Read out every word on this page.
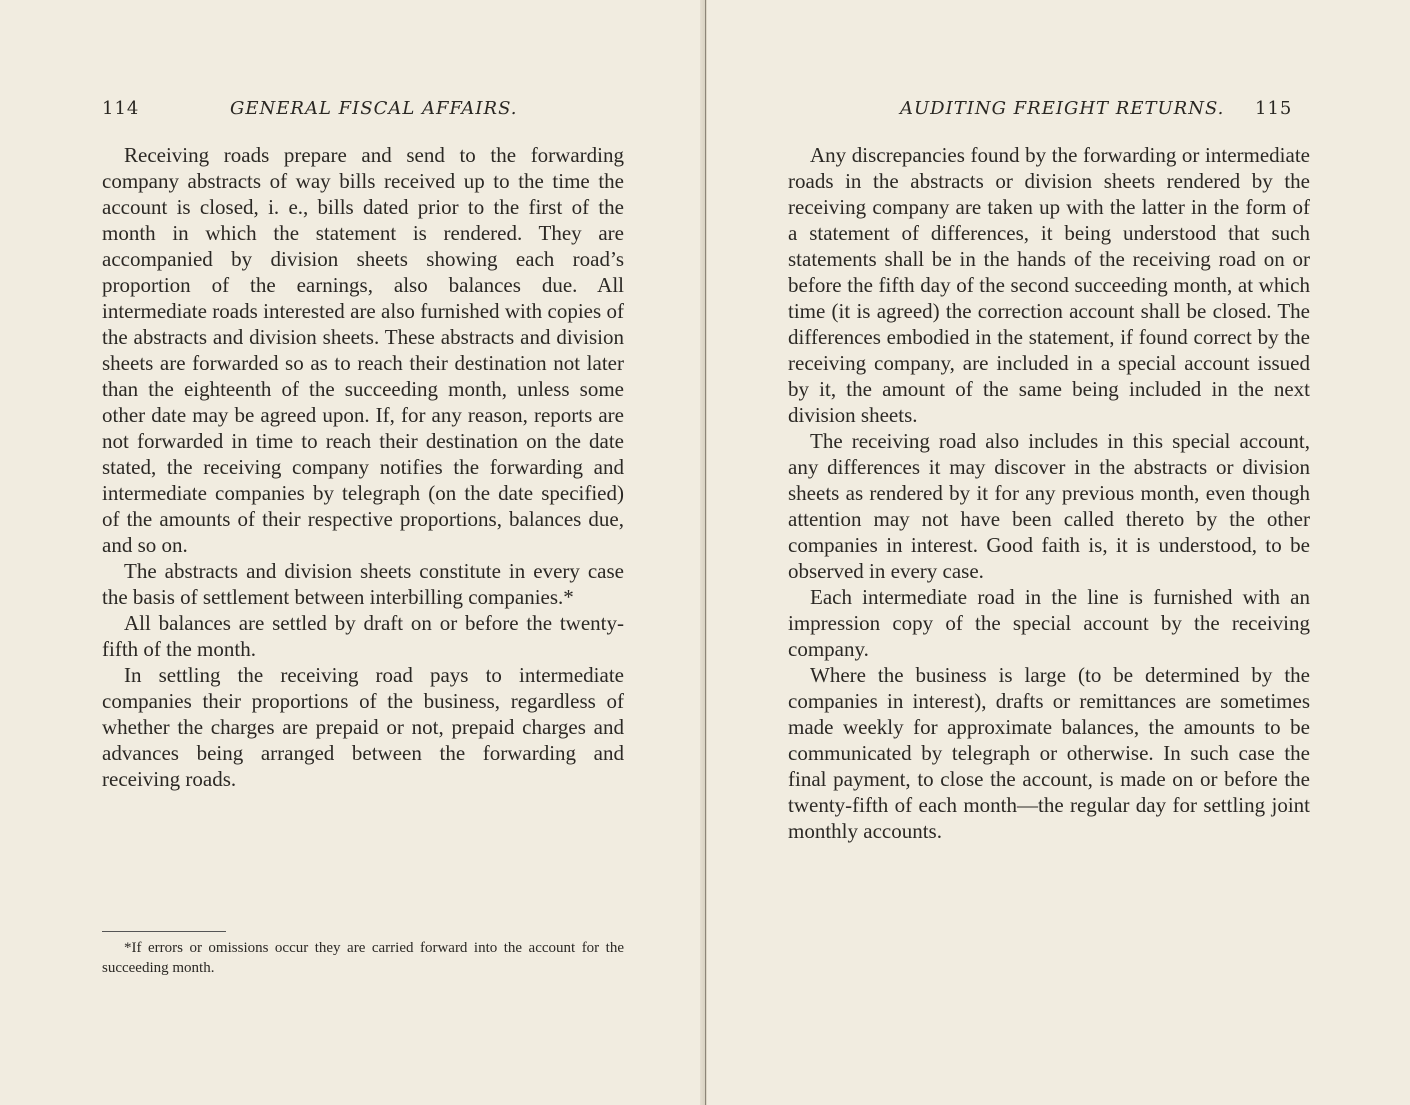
114	GENERAL FISCAL AFFAIRS.

Receiving roads prepare and send to the forwarding company abstracts of way bills received up to the time the account is closed, i. e., bills dated prior to the first of the month in which the statement is rendered. They are accompanied by division sheets showing each road’s proportion of the earnings, also balances due. All intermediate roads interested are also furnished with copies of the abstracts and division sheets. These abstracts and division sheets are forwarded so as to reach their destination not later than the eighteenth of the succeeding month, unless some other date may be agreed upon. If, for any reason, reports are not forwarded in time to reach their destination on the date stated, the receiving company notifies the forwarding and intermediate companies by telegraph (on the date specified) of the amounts of their respective proportions, balances due, and so on.

The abstracts and division sheets constitute in every case the basis of settlement between interbilling companies.*

All balances are settled by draft on or before the twenty-fifth of the month.

In settling the receiving road pays to intermediate companies their proportions of the business, regardless of whether the charges are prepaid or not, prepaid charges and advances being arranged between the forwarding and receiving roads.

*If errors or omissions occur they are carried forward into the account for the succeeding month.
AUDITING FREIGHT RETURNS. 115

Any discrepancies found by the forwarding or intermediate roads in the abstracts or division sheets rendered by the receiving company are taken up with the latter in the form of a statement of differences, it being understood that such statements shall be in the hands of the receiving road on or before the fifth day of the second succeeding month, at which time (it is agreed) the correction account shall be closed. The differences embodied in the statement, if found correct by the receiving company, are included in a special account issued by it, the amount of the same being included in the next division sheets.

The receiving road also includes in this special account, any differences it may discover in the abstracts or division sheets as rendered by it for any previous month, even though attention may not have been called thereto by the other companies in interest. Good faith is, it is understood, to be observed in every case.

Each intermediate road in the line is furnished with an impression copy of the special account by the receiving company.

Where the business is large (to be determined by the companies in interest), drafts or remittances are sometimes made weekly for approximate balances, the amounts to be communicated by telegraph or otherwise. In such case the final payment, to close the account, is made on or before the twenty-fifth of each month—the regular day for settling joint monthly accounts.
